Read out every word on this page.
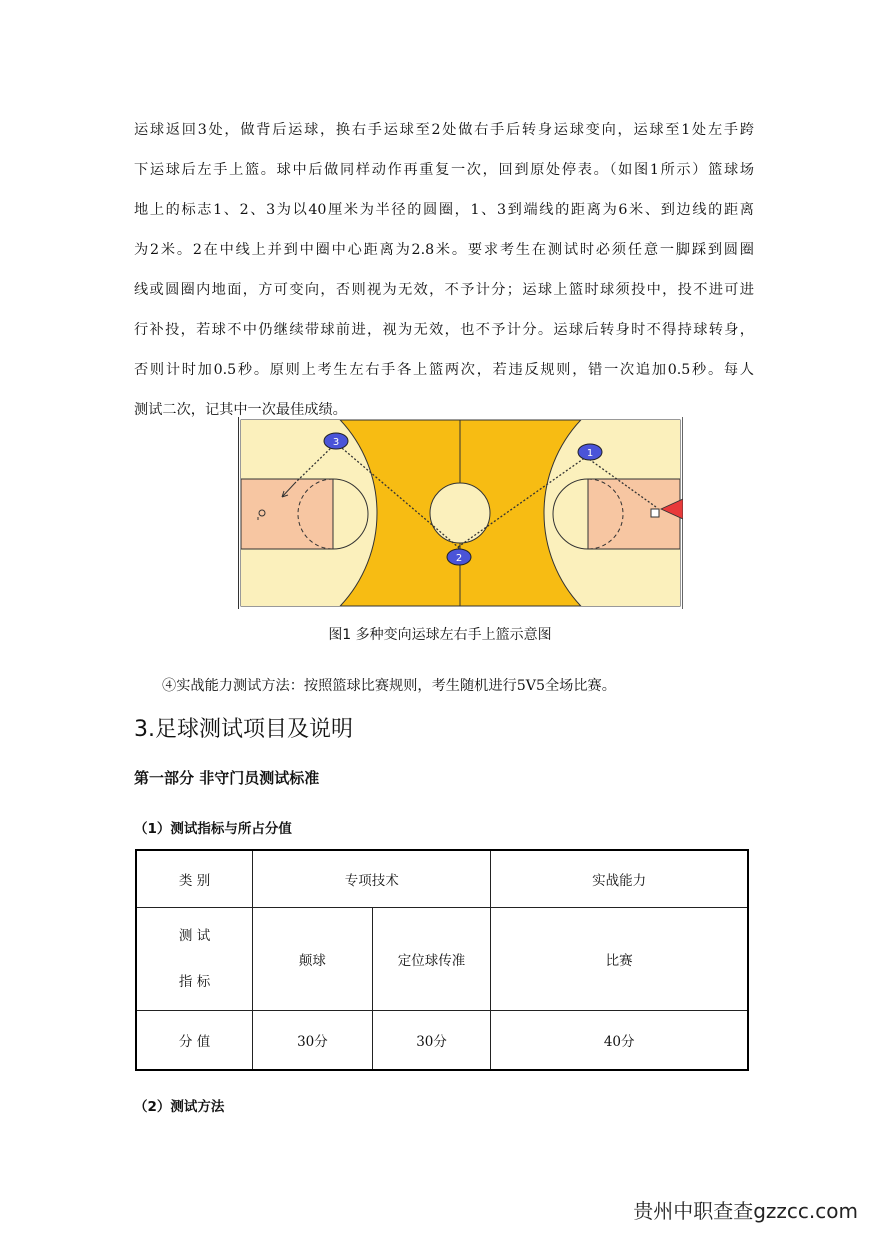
运球返回3处，做背后运球，换右手运球至2处做右手后转身运球变向，运球至1处左手跨
下运球后左手上篮。球中后做同样动作再重复一次，回到原处停表。（如图1所示）篮球场
地上的标志1、2、3为以40厘米为半径的圆圈，1、3到端线的距离为6米、到边线的距离
为2米。2在中线上并到中圈中心距离为2.8米。要求考生在测试时必须任意一脚踩到圆圈
线或圆圈内地面，方可变向，否则视为无效，不予计分；运球上篮时球须投中，投不进可进
行补投，若球不中仍继续带球前进，视为无效，也不予计分。运球后转身时不得持球转身，
否则计时加0.5秒。原则上考生左右手各上篮两次，若违反规则，错一次追加0.5秒。每人
测试二次，记其中一次最佳成绩。
3
2
1
图1 多种变向运球左右手上篮示意图
④实战能力测试方法：按照篮球比赛规则，考生随机进行5V5全场比赛。
3.足球测试项目及说明
第一部分 非守门员测试标准
（1）测试指标与所占分值
类 别	专项技术		实战能力

测 试
指 标	颠球	定位球传准	比赛
分 值	30分	30分	40分
（2）测试方法
贵州中职查查gzzcc.com
